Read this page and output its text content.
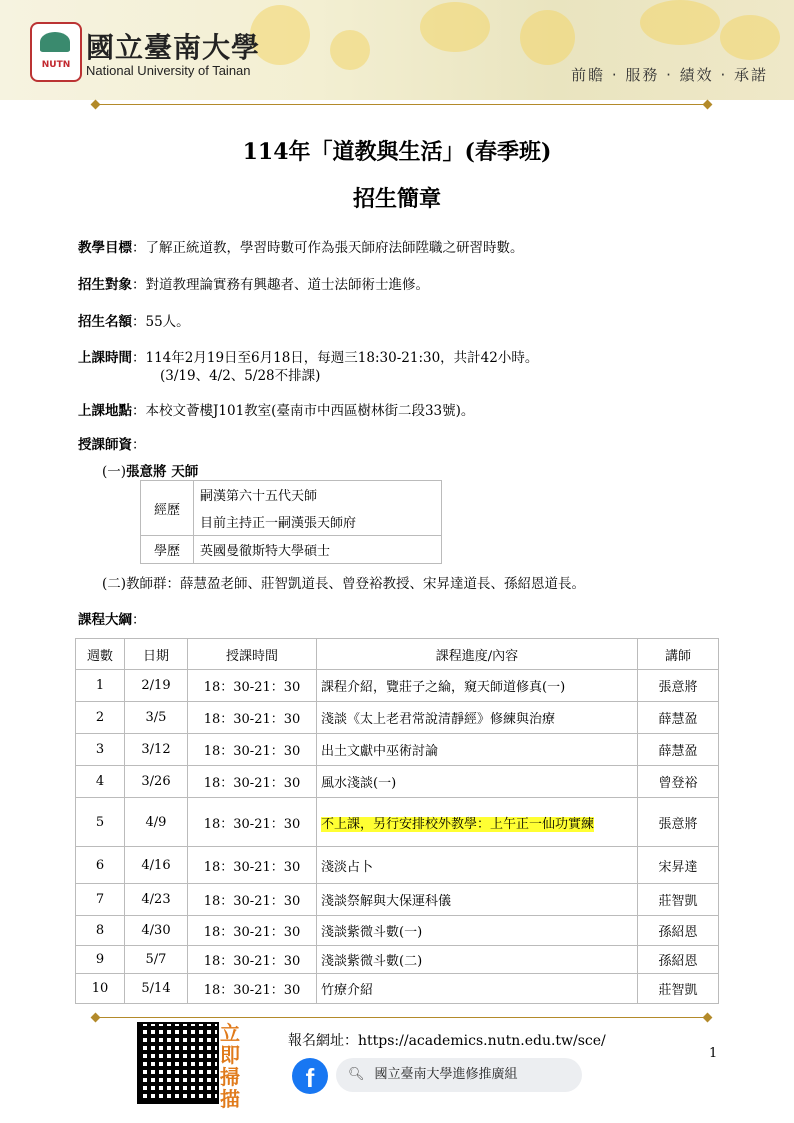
NUTN
國立臺南大學
National University of Tainan	前瞻 · 服務 · 績效 · 承諾
114年「道教與生活」(春季班)
招生簡章
教學目標：了解正統道教，學習時數可作為張天師府法師陞職之研習時數。
招生對象：對道教理論實務有興趣者、道士法師術士進修。
招生名額：55人。
上課時間：114年2月19日至6月18日，每週三18:30-21:30，共計42小時。
(3/19、4/2、5/28不排課)
上課地點：本校文薈樓J101教室(臺南市中西區樹林街二段33號)。
授課師資：
(一)張意將 天師
經歷	嗣漢第六十五代天師
	目前主持正一嗣漢張天師府
學歷	英國曼徹斯特大學碩士
(二)教師群：薛慧盈老師、莊智凱道長、曾登裕教授、宋昇達道長、孫紹恩道長。
課程大綱：
週數	日期	授課時間	課程進度/內容	講師
1	2/19	18：30-21：30	課程介紹，覽莊子之綸，窺天師道修真(一)	張意將
2	3/5	18：30-21：30	淺談《太上老君常說清靜經》修練與治療	薛慧盈
3	3/12	18：30-21：30	出土文獻中巫術討論	薛慧盈
4	3/26	18：30-21：30	風水淺談(一)	曾登裕
5	4/9	18：30-21：30	不上課，另行安排校外教學：上午正一仙功實練	張意將
6	4/16	18：30-21：30	淺淡占卜	宋昇達
7	4/23	18：30-21：30	淺談祭解與大保運科儀	莊智凱
8	4/30	18：30-21：30	淺談紫微斗數(一)	孫紹恩
9	5/7	18：30-21：30	淺談紫微斗數(二)	孫紹恩
10	5/14	18：30-21：30	竹療介紹	莊智凱
立即掃描
報名網址：https://academics.nutn.edu.tw/sce/
f	🔍︎ 國立臺南大學進修推廣組
1
